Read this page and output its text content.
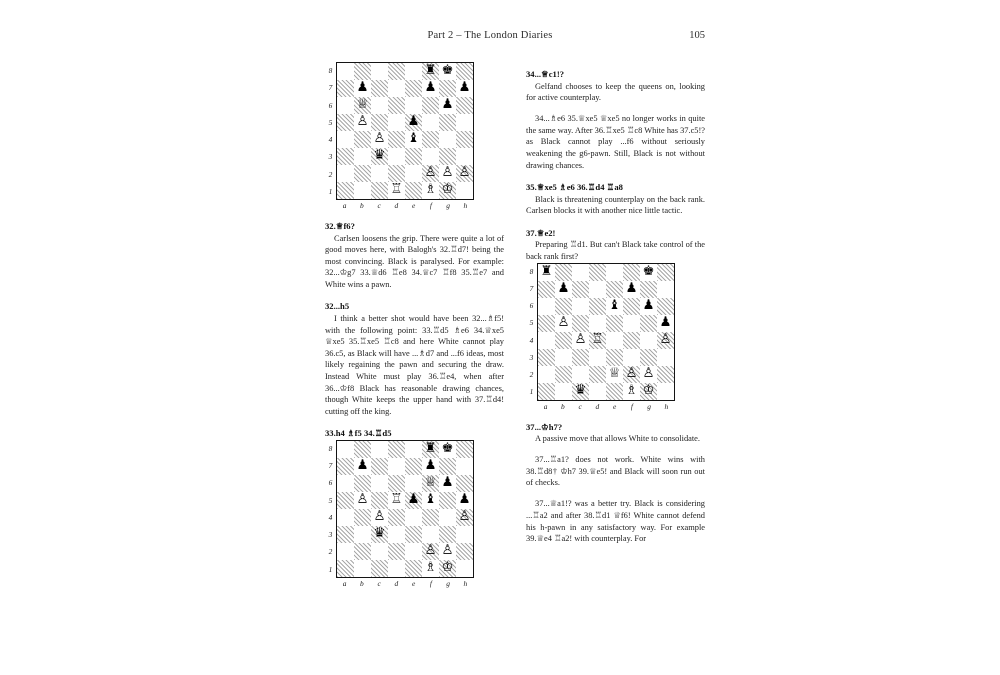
Part 2 – The London Diaries	105
8
7
6
5
4
3
2
1
♜ ♚
♟	♟ ♟
♕	♟
♙	♟
♙ ♝
♛
♙ ♙ ♙
♖ ♗ ♔
a	b	c	d	e	f	g	h
32.♕f6?

Carlsen loosens the grip. There were quite a lot of good moves here, with Balogh's 32.♖d7! being the most convincing. Black is paralysed. For example: 32...♔g7 33.♕d6 ♖e8 34.♕c7 ♖f8 35.♖e7 and White wins a pawn.

32...h5

I think a better shot would have been 32...♗f5! with the following point: 33.♖d5 ♗e6 34.♕xe5 ♕xe5 35.♖xe5 ♖c8 and here White cannot play 36.c5, as Black will have ...♗d7 and ...f6 ideas, most likely regaining the pawn and securing the draw. Instead White must play 36.♖e4, when after 36...♔f8 Black has reasonable drawing chances, though White keeps the upper hand with 37.♖d4! cutting off the king.

33.h4 ♗f5 34.♖d5
8
7
6
5
4
3
2
1
♜ ♚
♟	♟
♕ ♟
♙ ♖ ♟ ♝ ♟
♙	♙
♛
♙ ♙
♗ ♔
a	b	c	d	e	f	g	h
34...♕c1!?

Gelfand chooses to keep the queens on, looking for active counterplay.

34...♗e6 35.♕xe5 ♕xe5 no longer works in quite the same way. After 36.♖xe5 ♖c8 White has 37.c5!? as Black cannot play ...f6 without seriously weakening the g6-pawn. Still, Black is not without drawing chances.

35.♕xe5 ♗e6 36.♖d4 ♖a8

Black is threatening counterplay on the back rank. Carlsen blocks it with another nice little tactic.

37.♕e2!

Preparing ♖d1. But can't Black take control of the back rank first?

8
7
6
5
4
3
2
1
♜	♚
♟	♟
♝ ♟
♙	♟
♙ ♖	♙
♕ ♙ ♙
♛	♗ ♔
a	b	c	d	e	f	g	h
37...♔h7?

A passive move that allows White to consolidate.

37...♖a1? does not work. White wins with 38.♖d8† ♔h7 39.♕e5! and Black will soon run out of checks.

37...♕a1!? was a better try. Black is considering ...♖a2 and after 38.♖d1 ♕f6! White cannot defend his h-pawn in any satisfactory way. For example 39.♕e4 ♖a2! with counterplay. For
